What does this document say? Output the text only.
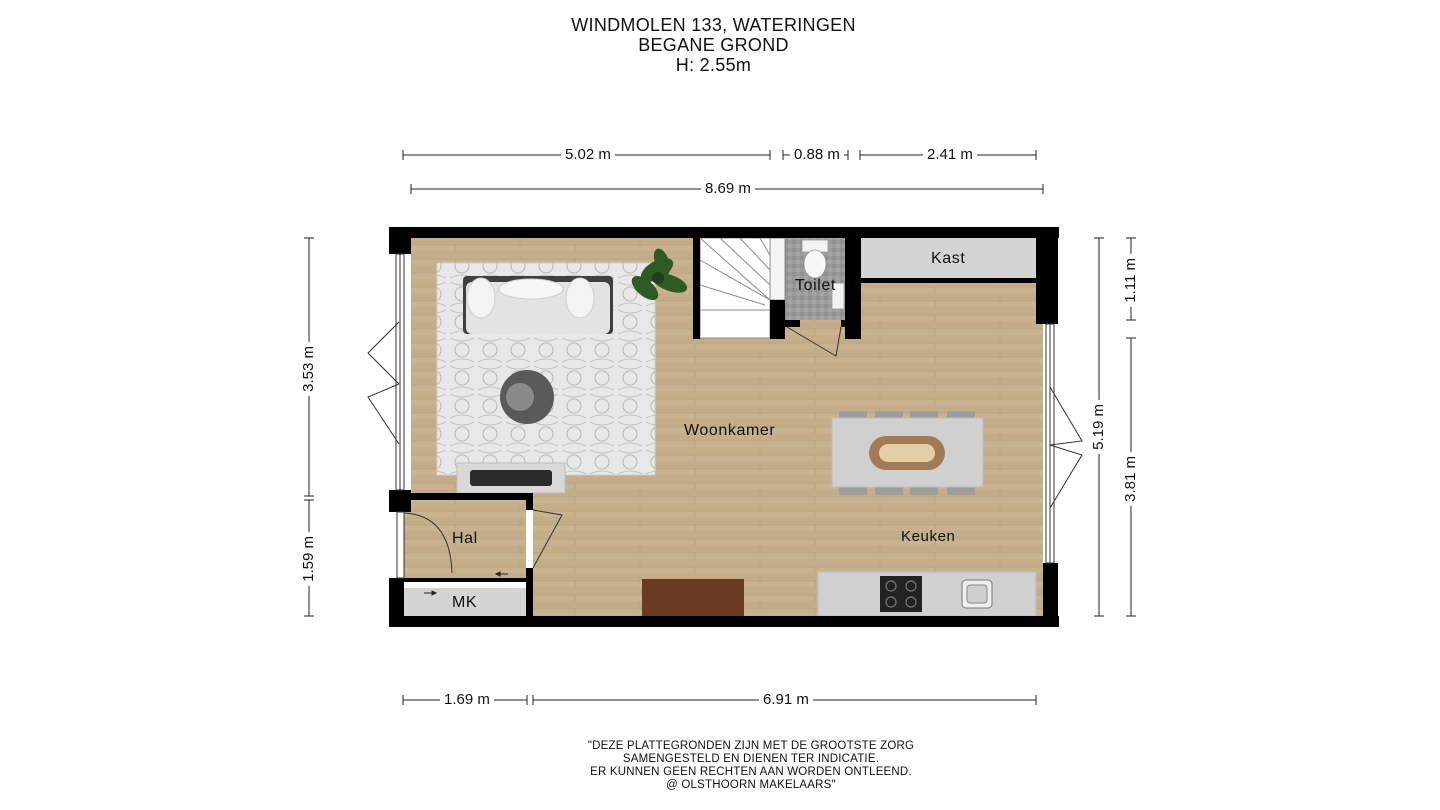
WINDMOLEN 133, WATERINGEN
BEGANE GROND
H: 2.55m
5.02 m	0.88 m	2.41 m
8.69 m
1.69 m	6.91 m
3.53 m
1.59 m
5.19 m
1.11 m
3.81 m
Woonkamer
Keuken
Toilet
Kast
Hal
MK
"DEZE PLATTEGRONDEN ZIJN MET DE GROOTSTE ZORG
SAMENGESTELD EN DIENEN TER INDICATIE.
ER KUNNEN GEEN RECHTEN AAN WORDEN ONTLEEND.
@ OLSTHOORN MAKELAARS"
